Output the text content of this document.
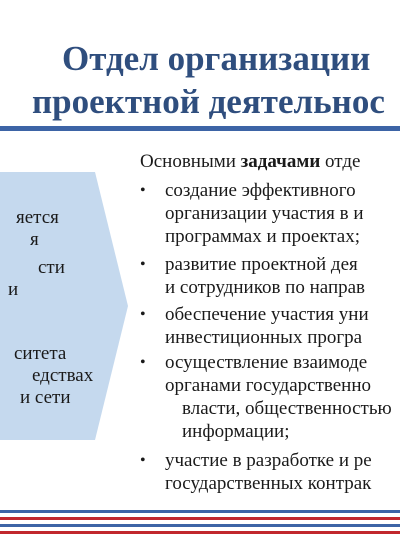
Отдел организации
проектной деятельнос
яется
я
сти
и
ситета
едствах
и сети
Основными задачами отде
•	создание эффективного
организации участия в и
программах и проектах;
•	развитие проектной дея
и сотрудников по направ
•	обеспечение участия уни
инвестиционных програ
•	осуществление взаимоде
органами государственно
власти, общественностью
информации;
•	участие в разработке и ре
государственных контрак
